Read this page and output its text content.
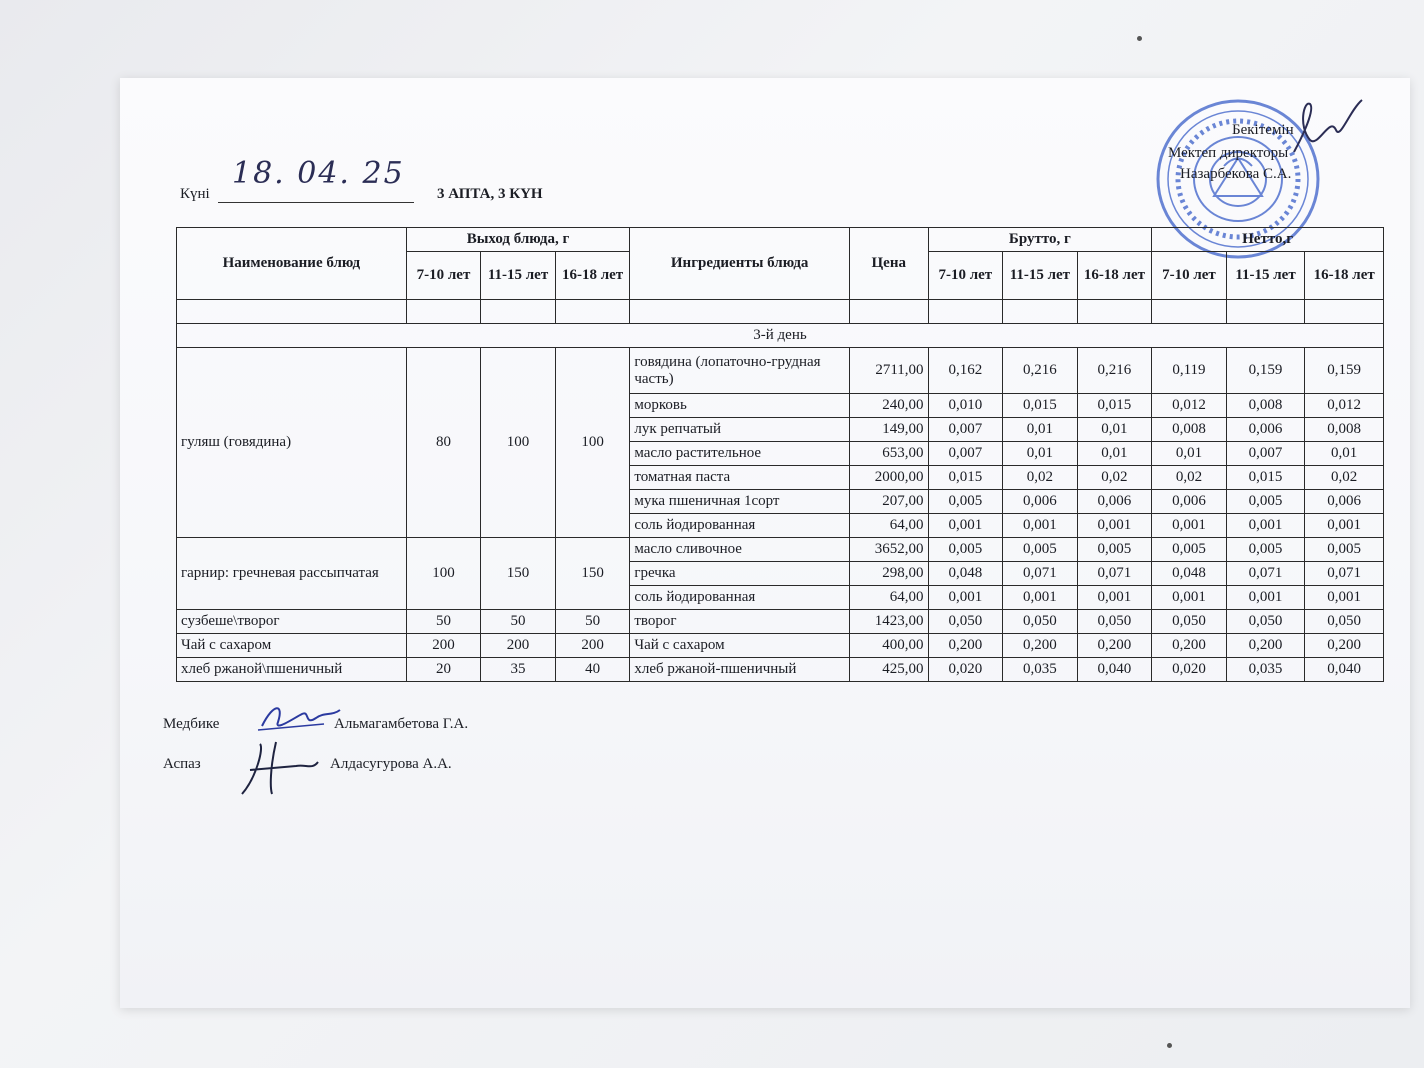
Бекітемін
Мектеп директоры
Назарбекова С.А.
Күні
18. 04. 25
3 АПТА, 3 КҮН
Наименование блюд	Выход блюда, г			Ингредиенты блюда	Цена	Брутто, г			Нетто,г		
	7-10 лет	11-15 лет	16-18 лет			7-10 лет	11-15 лет	16-18 лет	7-10 лет	11-15 лет	16-18 лет

3-й день											
гуляш (говядина)	80	100	100	говядина (лопаточно-грудная часть)	2711,00	0,162	0,216	0,216	0,119	0,159	0,159
				морковь	240,00	0,010	0,015	0,015	0,012	0,008	0,012
				лук репчатый	149,00	0,007	0,01	0,01	0,008	0,006	0,008
				масло растительное	653,00	0,007	0,01	0,01	0,01	0,007	0,01
				томатная паста	2000,00	0,015	0,02	0,02	0,02	0,015	0,02
				мука пшеничная 1сорт	207,00	0,005	0,006	0,006	0,006	0,005	0,006
				соль йодированная	64,00	0,001	0,001	0,001	0,001	0,001	0,001
гарнир: гречневая рассыпчатая	100	150	150	масло сливочное	3652,00	0,005	0,005	0,005	0,005	0,005	0,005
				гречка	298,00	0,048	0,071	0,071	0,048	0,071	0,071
				соль йодированная	64,00	0,001	0,001	0,001	0,001	0,001	0,001
сузбеше\творог	50	50	50	творог	1423,00	0,050	0,050	0,050	0,050	0,050	0,050
Чай с сахаром	200	200	200	Чай с сахаром	400,00	0,200	0,200	0,200	0,200	0,200	0,200
хлеб ржаной\пшеничный	20	35	40	хлеб ржаной-пшеничный	425,00	0,020	0,035	0,040	0,020	0,035	0,040
Медбике	Альмагамбетова Г.А.
Аспаз	Алдасугурова А.А.
